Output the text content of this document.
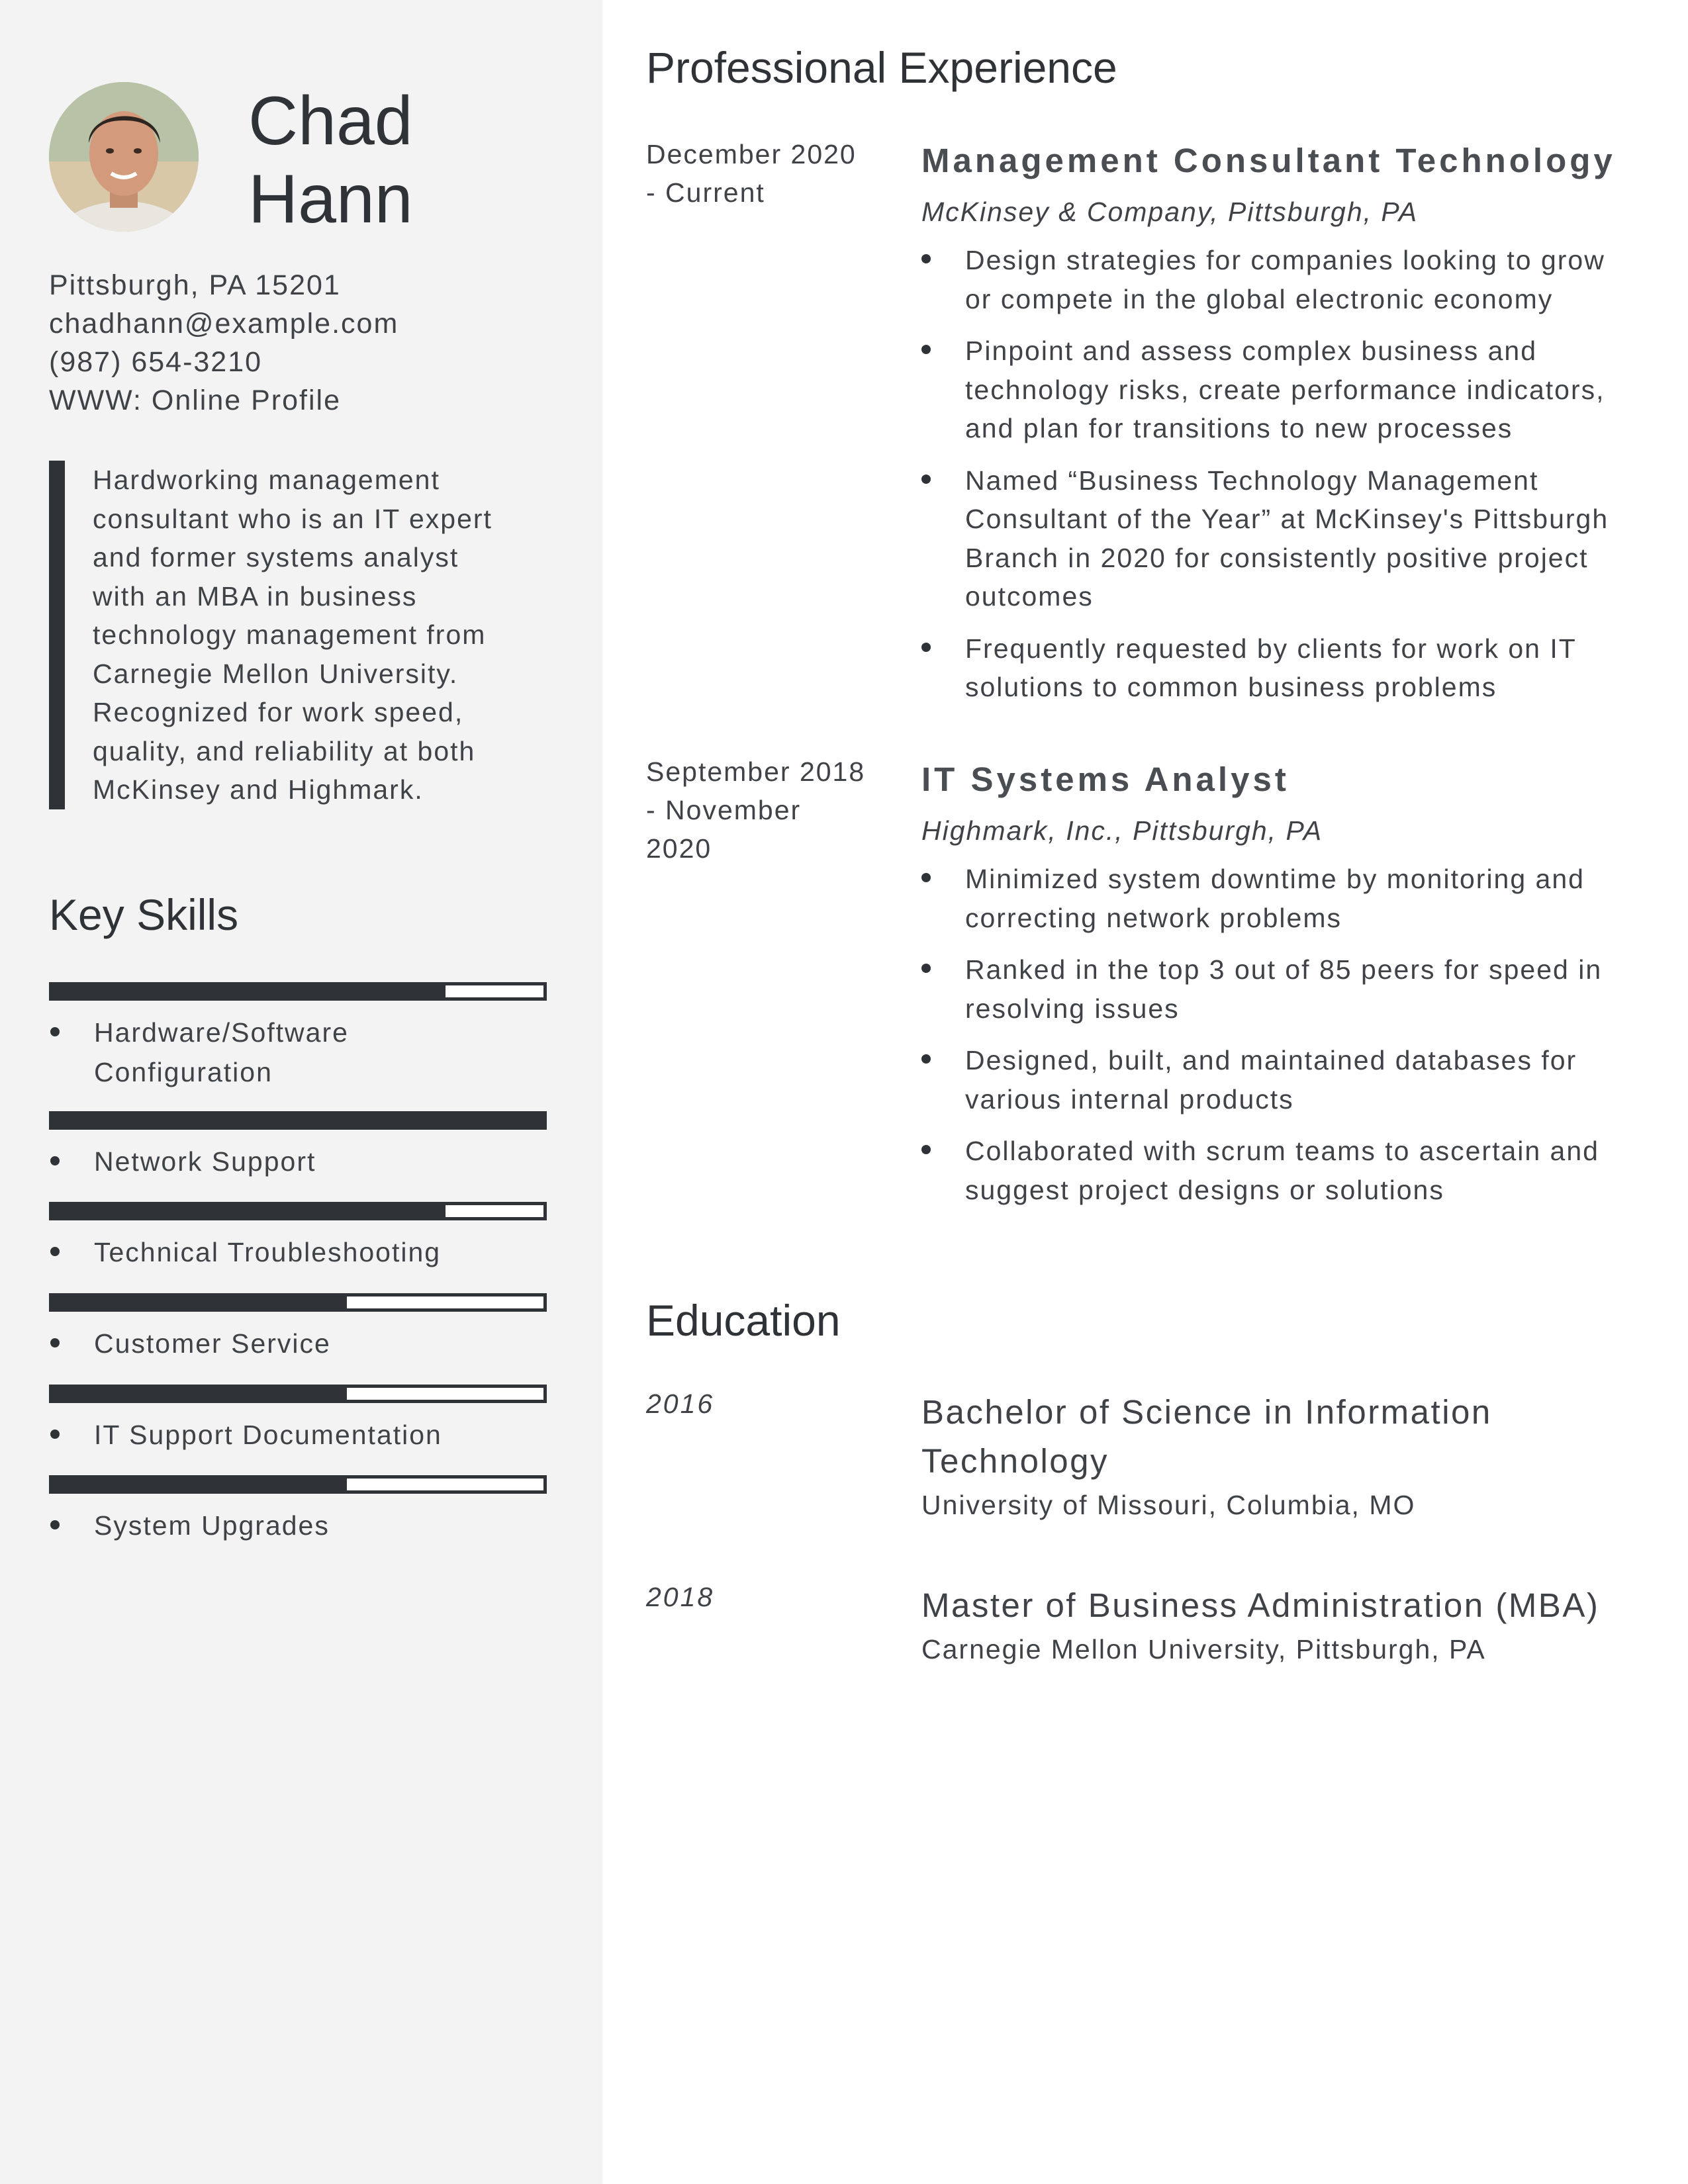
Chad
Hann
Pittsburgh, PA 15201
chadhann@example.com
(987) 654-3210
WWW: Online Profile
Hardworking management
consultant who is an IT expert
and former systems analyst
with an MBA in business
technology management from
Carnegie Mellon University.
Recognized for work speed,
quality, and reliability at both
McKinsey and Highmark.
Key Skills
Hardware/Software
Configuration
Network Support
Technical Troubleshooting
Customer Service
IT Support Documentation
System Upgrades
Professional Experience
December 2020
- Current
Management Consultant Technology
McKinsey & Company, Pittsburgh, PA
Design strategies for companies looking to grow
or compete in the global electronic economy
Pinpoint and assess complex business and
technology risks, create performance indicators,
and plan for transitions to new processes
Named “Business Technology Management
Consultant of the Year” at McKinsey's Pittsburgh
Branch in 2020 for consistently positive project
outcomes
Frequently requested by clients for work on IT
solutions to common business problems
September 2018
- November
2020
IT Systems Analyst
Highmark, Inc., Pittsburgh, PA
Minimized system downtime by monitoring and
correcting network problems
Ranked in the top 3 out of 85 peers for speed in
resolving issues
Designed, built, and maintained databases for
various internal products
Collaborated with scrum teams to ascertain and
suggest project designs or solutions
Education
2016	Bachelor of Science in Information
Technology
University of Missouri, Columbia, MO
2018	Master of Business Administration (MBA)
Carnegie Mellon University, Pittsburgh, PA
